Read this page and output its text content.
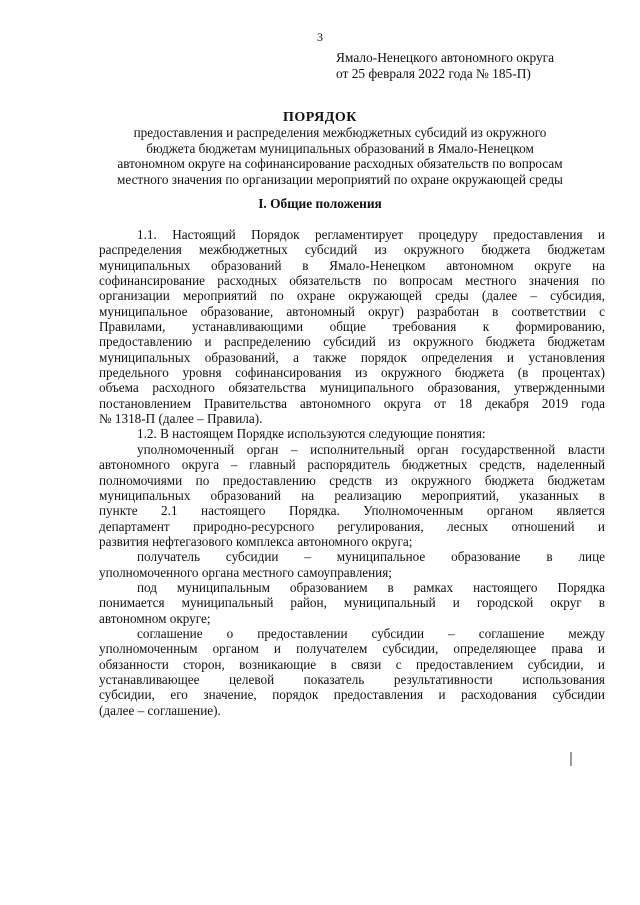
3
Ямало-Ненецкого автономного округа
от 25 февраля 2022 года № 185-П)
ПОРЯДОК
предоставления и распределения межбюджетных субсидий из окружного
бюджета бюджетам муниципальных образований в Ямало-Ненецком
автономном округе на софинансирование расходных обязательств по вопросам
местного значения по организации мероприятий по охране окружающей среды
I. Общие положения
1.1. Настоящий Порядок регламентирует процедуру предоставления и
распределения межбюджетных субсидий из окружного бюджета бюджетам
муниципальных образований в Ямало-Ненецком автономном округе на
софинансирование расходных обязательств по вопросам местного значения по
организации мероприятий по охране окружающей среды (далее – субсидия,
муниципальное образование, автономный округ) разработан в соответствии с
Правилами, устанавливающими общие требования к формированию,
предоставлению и распределению субсидий из окружного бюджета бюджетам
муниципальных образований, а также порядок определения и установления
предельного уровня софинансирования из окружного бюджета (в процентах)
объема расходного обязательства муниципального образования, утвержденными
постановлением Правительства автономного округа от 18 декабря 2019 года
№ 1318-П (далее – Правила).
1.2. В настоящем Порядке используются следующие понятия:
уполномоченный орган – исполнительный орган государственной власти
автономного округа – главный распорядитель бюджетных средств, наделенный
полномочиями по предоставлению средств из окружного бюджета бюджетам
муниципальных образований на реализацию мероприятий, указанных в
пункте 2.1 настоящего Порядка. Уполномоченным органом является
департамент природно-ресурсного регулирования, лесных отношений и
развития нефтегазового комплекса автономного округа;
получатель субсидии – муниципальное образование в лице
уполномоченного органа местного самоуправления;
под муниципальным образованием в рамках настоящего Порядка
понимается муниципальный район, муниципальный и городской округ в
автономном округе;
соглашение о предоставлении субсидии – соглашение между
уполномоченным органом и получателем субсидии, определяющее права и
обязанности сторон, возникающие в связи с предоставлением субсидии, и
устанавливающее целевой показатель результативности использования
субсидии, его значение, порядок предоставления и расходования субсидии
(далее – соглашение).
